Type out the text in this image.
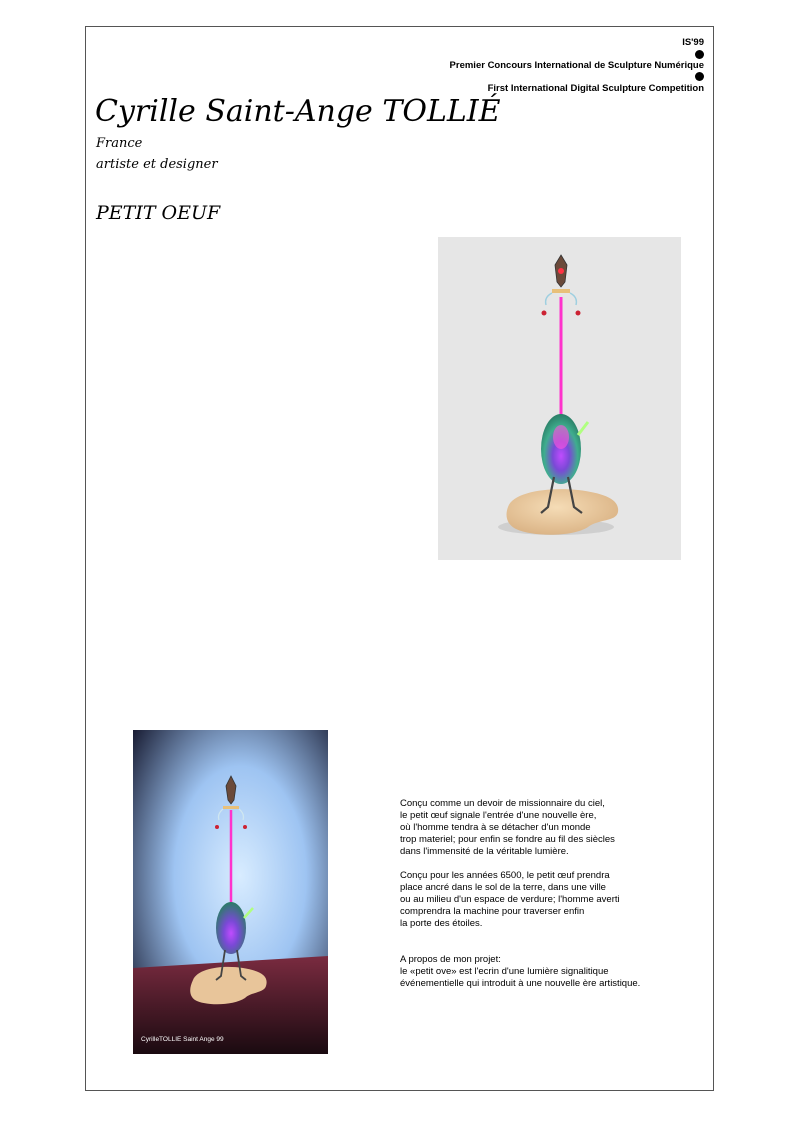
IS'99
Premier Concours International de Sculpture Numérique
First International Digital Sculpture Competition
Cyrille Saint-Ange TOLLIÉ
France
artiste et designer
PETIT OEUF
CyrilleTOLLIE Saint Ange 99

Conçu comme un devoir de missionnaire du ciel,

le petit œuf signale l'entrée d'une nouvelle ère,

où l'homme tendra à se détacher d'un monde

trop materiel; pour enfin se fondre au fil des siècles

dans l'immensité de la véritable lumière.

Conçu pour les années 6500, le petit œuf prendra

place ancré dans le sol de la terre, dans une ville

ou au milieu d'un espace de verdure; l'homme averti

comprendra la machine pour traverser enfin

la porte des étoiles.

A propos de mon projet:

le «petit ove» est l'ecrin d'une lumière signalitique

événementielle qui introduit à une nouvelle ère artistique.
